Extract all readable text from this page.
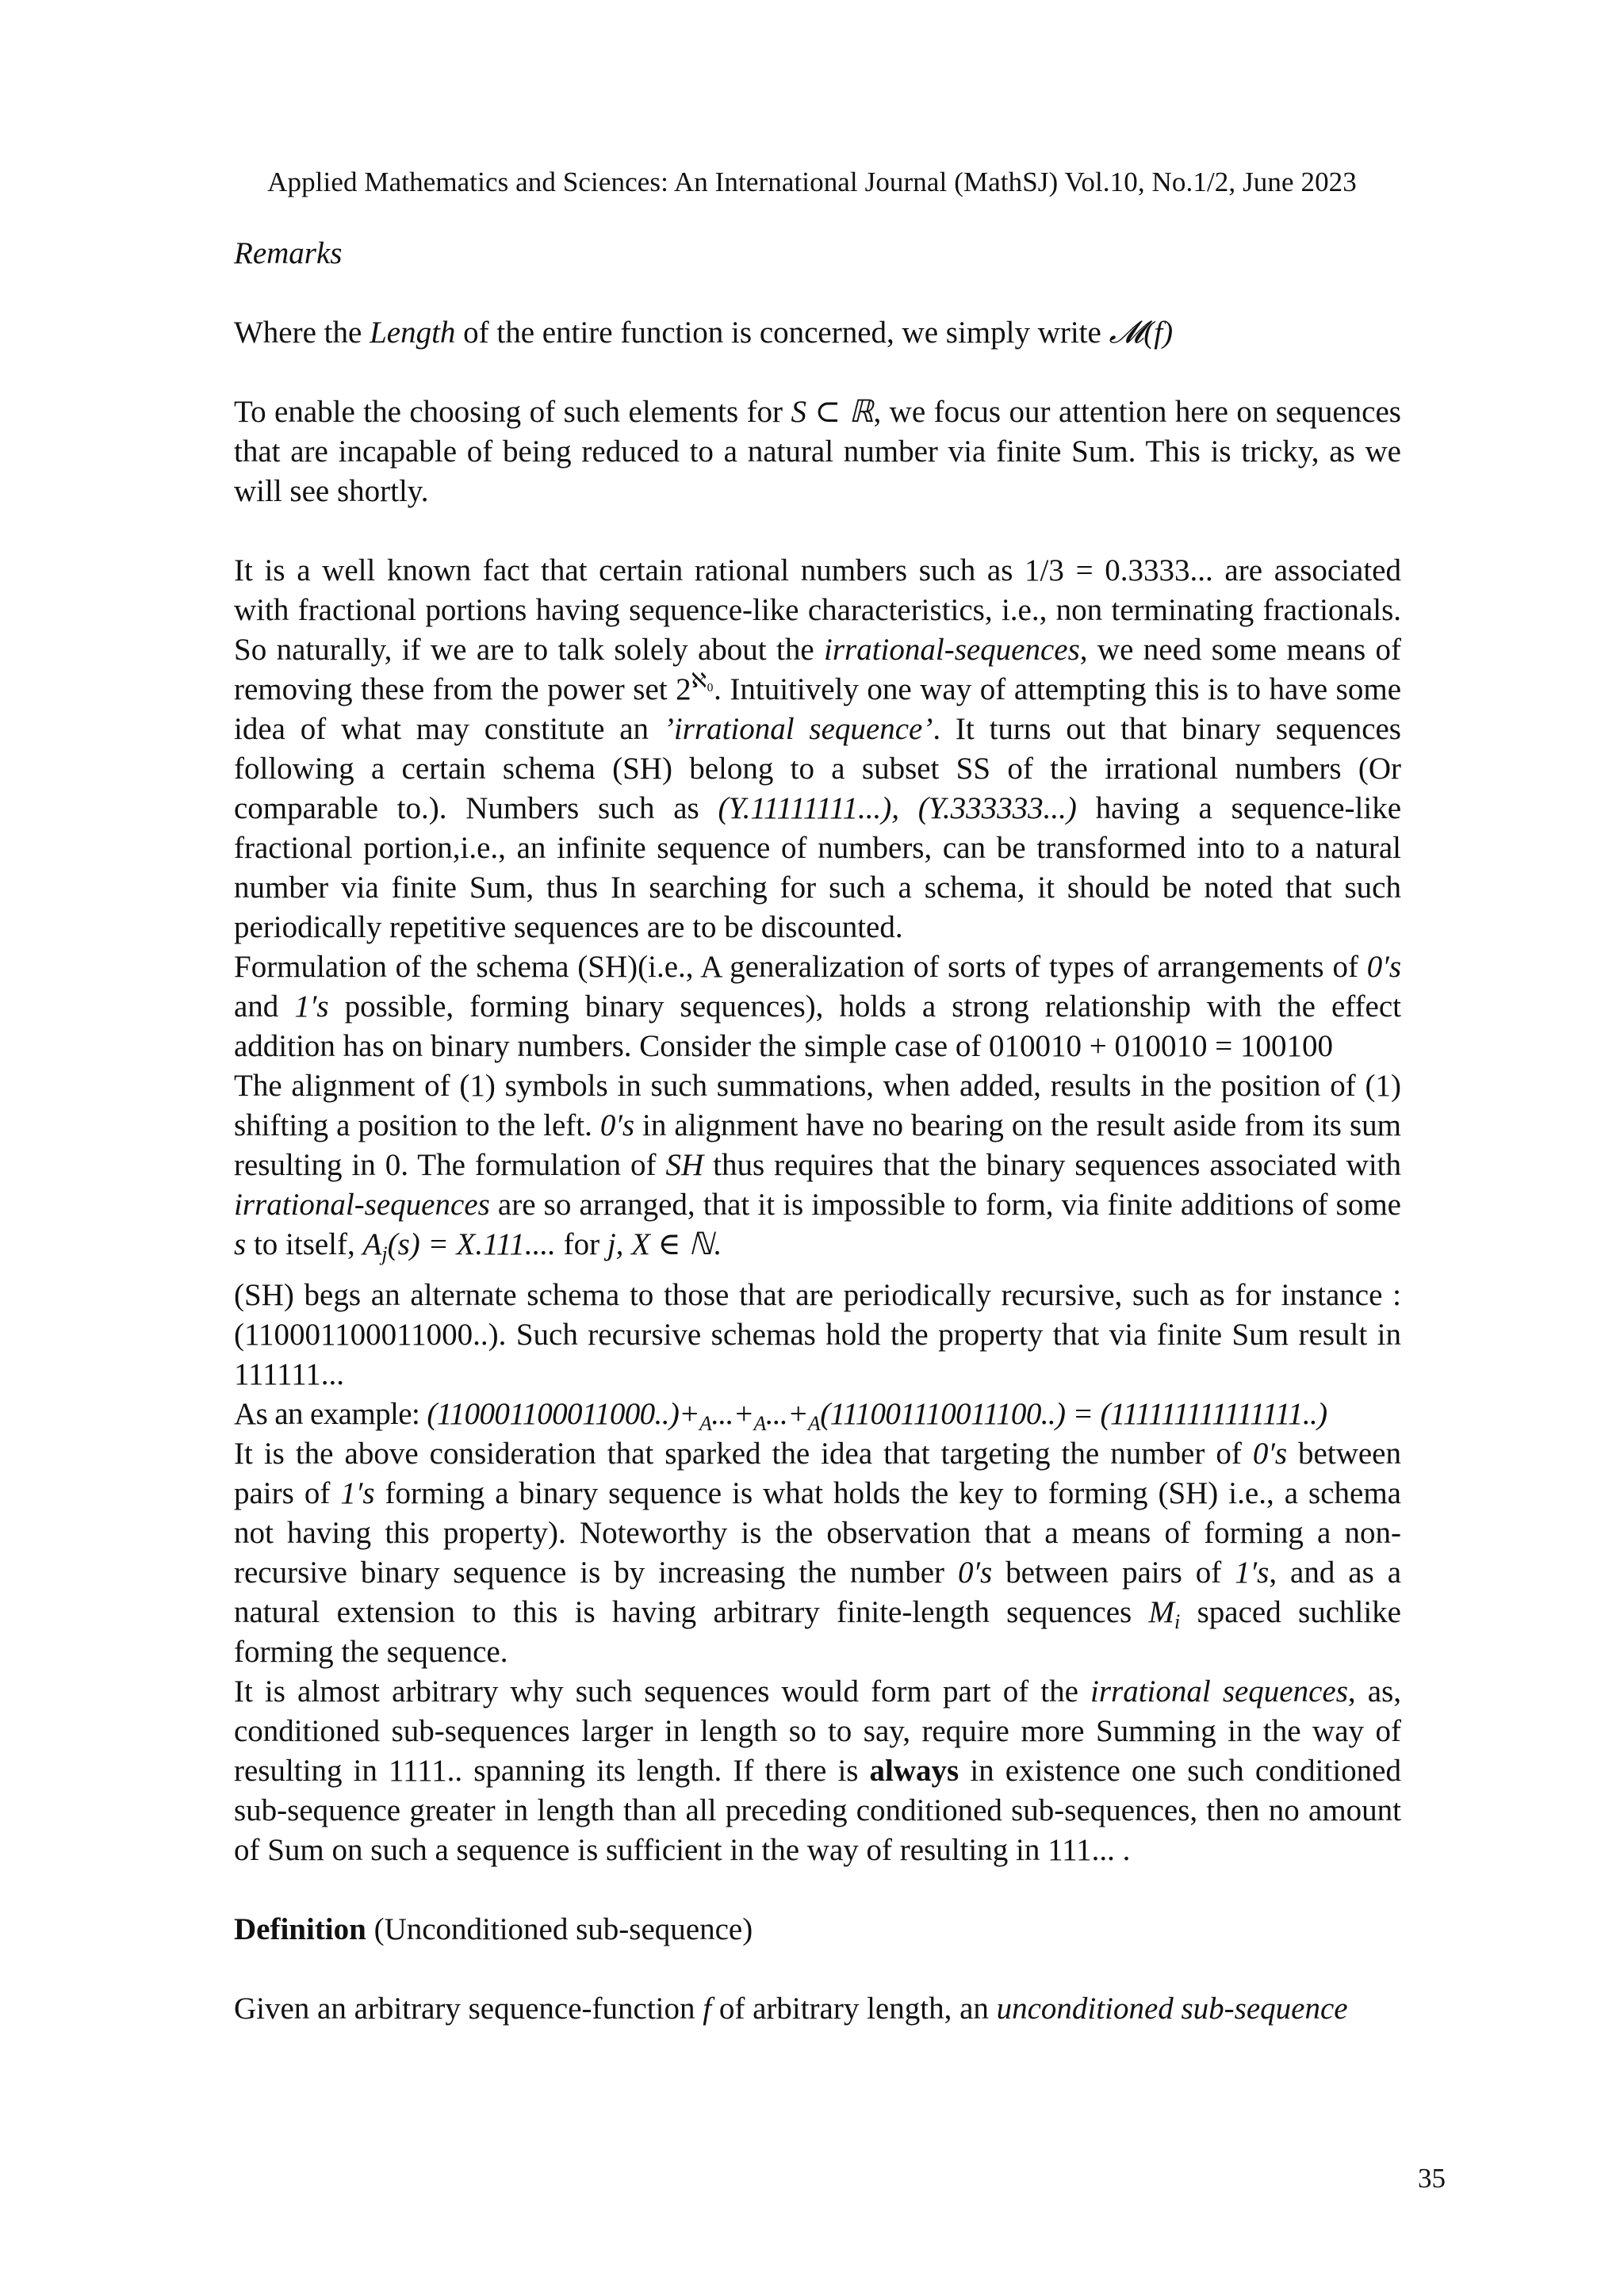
Applied Mathematics and Sciences: An International Journal (MathSJ) Vol.10, No.1/2, June 2023

Remarks

Where the Length of the entire function is concerned, we simply write 𝓜(f)

To enable the choosing of such elements for S ⊂ ℝ, we focus our attention here on sequences that are incapable of being reduced to a natural number via finite Sum. This is tricky, as we will see shortly.

It is a well known fact that certain rational numbers such as 1/3 = 0.3333... are associated with fractional portions having sequence-like characteristics, i.e., non terminating fractionals. So naturally, if we are to talk solely about the irrational-sequences, we need some means of removing these from the power set $2^{ℵ_0}$. Intuitively one way of attempting this is to have some idea of what may constitute an ’irrational sequence’. It turns out that binary sequences following a certain schema (SH) belong to a subset SS of the irrational numbers (Or comparable to.). Numbers such as (Y.11111111...), (Y.333333...) having a sequence-like fractional portion,i.e., an infinite sequence of numbers, can be transformed into to a natural number via finite Sum, thus In searching for such a schema, it should be noted that such periodically repetitive sequences are to be discounted.

Formulation of the schema (SH)(i.e., A generalization of sorts of types of arrangements of 0′s and 1′s possible, forming binary sequences), holds a strong relationship with the effect addition has on binary numbers. Consider the simple case of 010010 + 010010 = 100100

The alignment of (1) symbols in such summations, when added, results in the position of (1) shifting a position to the left. 0′s in alignment have no bearing on the result aside from its sum resulting in 0. The formulation of SH thus requires that the binary sequences associated with irrational-sequences are so arranged, that it is impossible to form, via finite additions of some s to itself, $A_j(s) = X.111$.... for j, X ∈ ℕ.

(SH) begs an alternate schema to those that are periodically recursive, such as for instance :(110001100011000..). Such recursive schemas hold the property that via finite Sum result in 111111...

As an example: $(110001100011000..)+_A...+_A...+_A(111001110011100..) = (111111111111111..)$

It is the above consideration that sparked the idea that targeting the number of 0′s between pairs of 1′s forming a binary sequence is what holds the key to forming (SH) i.e., a schema not having this property). Noteworthy is the observation that a means of forming a non-recursive binary sequence is by increasing the number 0′s between pairs of 1′s, and as a natural extension to this is having arbitrary finite-length sequences $M_i$ spaced suchlike forming the sequence.

It is almost arbitrary why such sequences would form part of the irrational sequences, as, conditioned sub-sequences larger in length so to say, require more Summing in the way of resulting in 1111.. spanning its length. If there is always in existence one such conditioned sub-sequence greater in length than all preceding conditioned sub-sequences, then no amount of Sum on such a sequence is sufficient in the way of resulting in 111... .

Definition (Unconditioned sub-sequence)

Given an arbitrary sequence-function f of arbitrary length, an unconditioned sub-sequence

35
